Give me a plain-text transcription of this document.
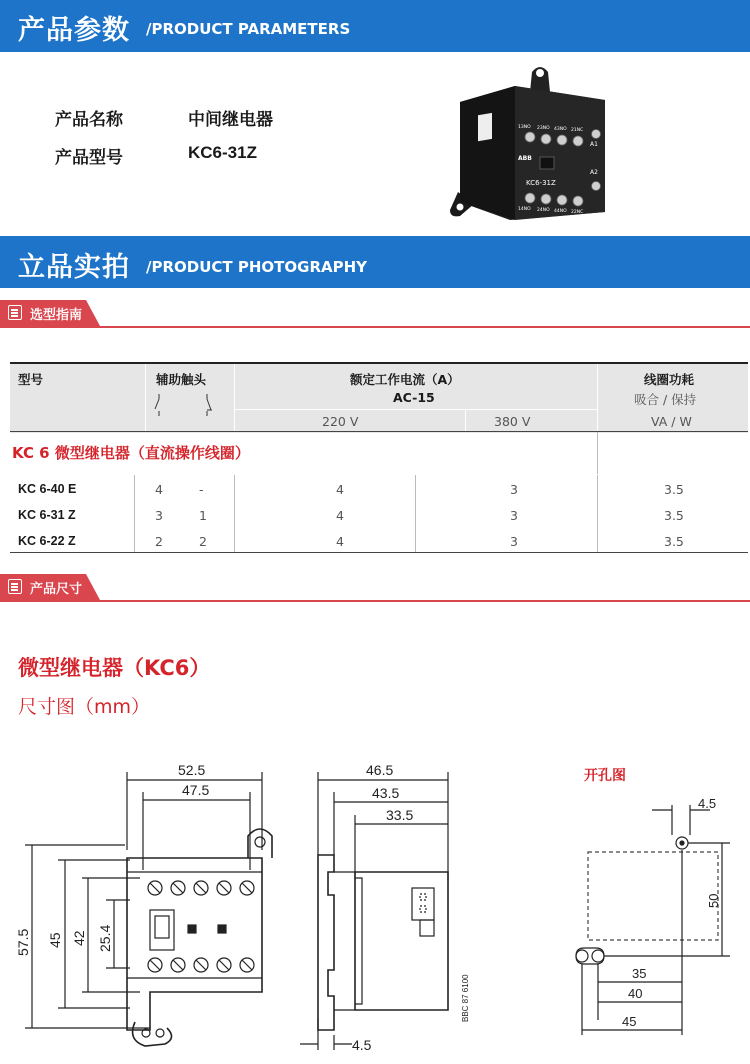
产品参数 /PRODUCT PARAMETERS
产品名称	中间继电器
产品型号	KC6-31Z
13NO 23NO 43NO 21NC
14NO 24NO 44NO 22NC
A1
A2
ABB
KC6-31Z
立品实拍 /PRODUCT PHOTOGRAPHY
选型指南
型号	辅助触头	额定工作电流（A）
AC-15
220 V	380 V
线圈功耗
吸合 / 保持
VA / W
KC 6 微型继电器（直流操作线圈）
KC 6-40 E	4	-	4	3	3.5
KC 6-31 Z	3	1	4	3	3.5
KC 6-22 Z	2	2	4	3	3.5
产品尺寸
微型继电器（KC6）
尺寸图（mm）
52.5
47.5
57.5 45 42 25.4
46.5
43.5
33.5
4.5
BBC 87 6100
开孔图
4.5
50
35
40
45
